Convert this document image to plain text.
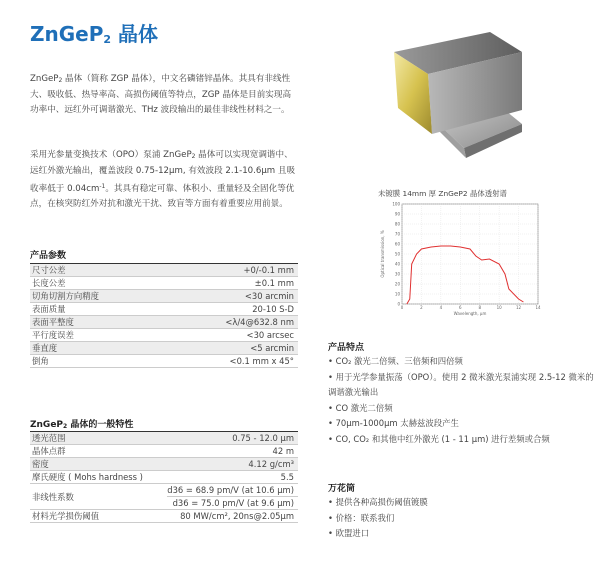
ZnGeP$_2$ 晶体
ZnGeP$_2$ 晶体（简称 ZGP 晶体），中文名磷锗锌晶体。其具有非线性大、吸收低、热导率高、高损伤阈值等特点，ZGP 晶体是目前实现高功率中、远红外可调谐激光、THz 波段输出的最佳非线性材料之一。
采用光参量变换技术（OPO）泵浦 ZnGeP$_2$ 晶体可以实现宽调谐中、远红外激光输出，覆盖波段 0.75-12μm, 有效波段 2.1-10.6μm 且吸收率低于 $0.04cm^{-1}$。其具有稳定可靠、体积小、重量轻及全固化等优点，在核突防红外对抗和激光干扰、致盲等方面有着重要应用前景。
产品参数
尺寸公差	+0/-0.1 mm
长度公差	±0.1 mm
切角切割方向精度	<30 arcmin
表面质量	20-10 S-D
表面平整度	<λ/4@632.8 nm
平行度误差	<30 arcsec
垂直度	<5 arcmin
倒角	<0.1 mm x 45°
ZnGeP$_2$ 晶体的一般特性
透光范围	0.75 - 12.0 μm
晶体点群	42 m
密度	4.12 g/cm³
摩氏硬度 ( Mohs hardness )	5.5
非线性系数
d36 = 68.9 pm/V (at 10.6 μm)
d36 = 75.0 pm/V (at 9.6 μm)
材料光学损伤阈值	80 MW/cm², 20ns@2.05μm
未镀膜 14mm 厚 ZnGeP2 晶体透射谱
0
10
20
30
40
50
60
70
80
90
100
0	2	4	6	8	10	12	14
Optical transmission, %
Wavelength, μm
产品特点
• CO₂ 激光二倍频、三倍频和四倍频
• 用于光学参量振荡（OPO）。使用 2 微米激光泵浦实现 2.5-12 微米的调谐激光输出
• CO 激光二倍频
• 70μm-1000μm 太赫兹波段产生
• CO, CO₂ 和其他中红外激光 (1 - 11 μm) 进行差频或合频
万花筒
• 提供各种高损伤阈值镀膜
• 价格：联系我们
• 欧盟进口
